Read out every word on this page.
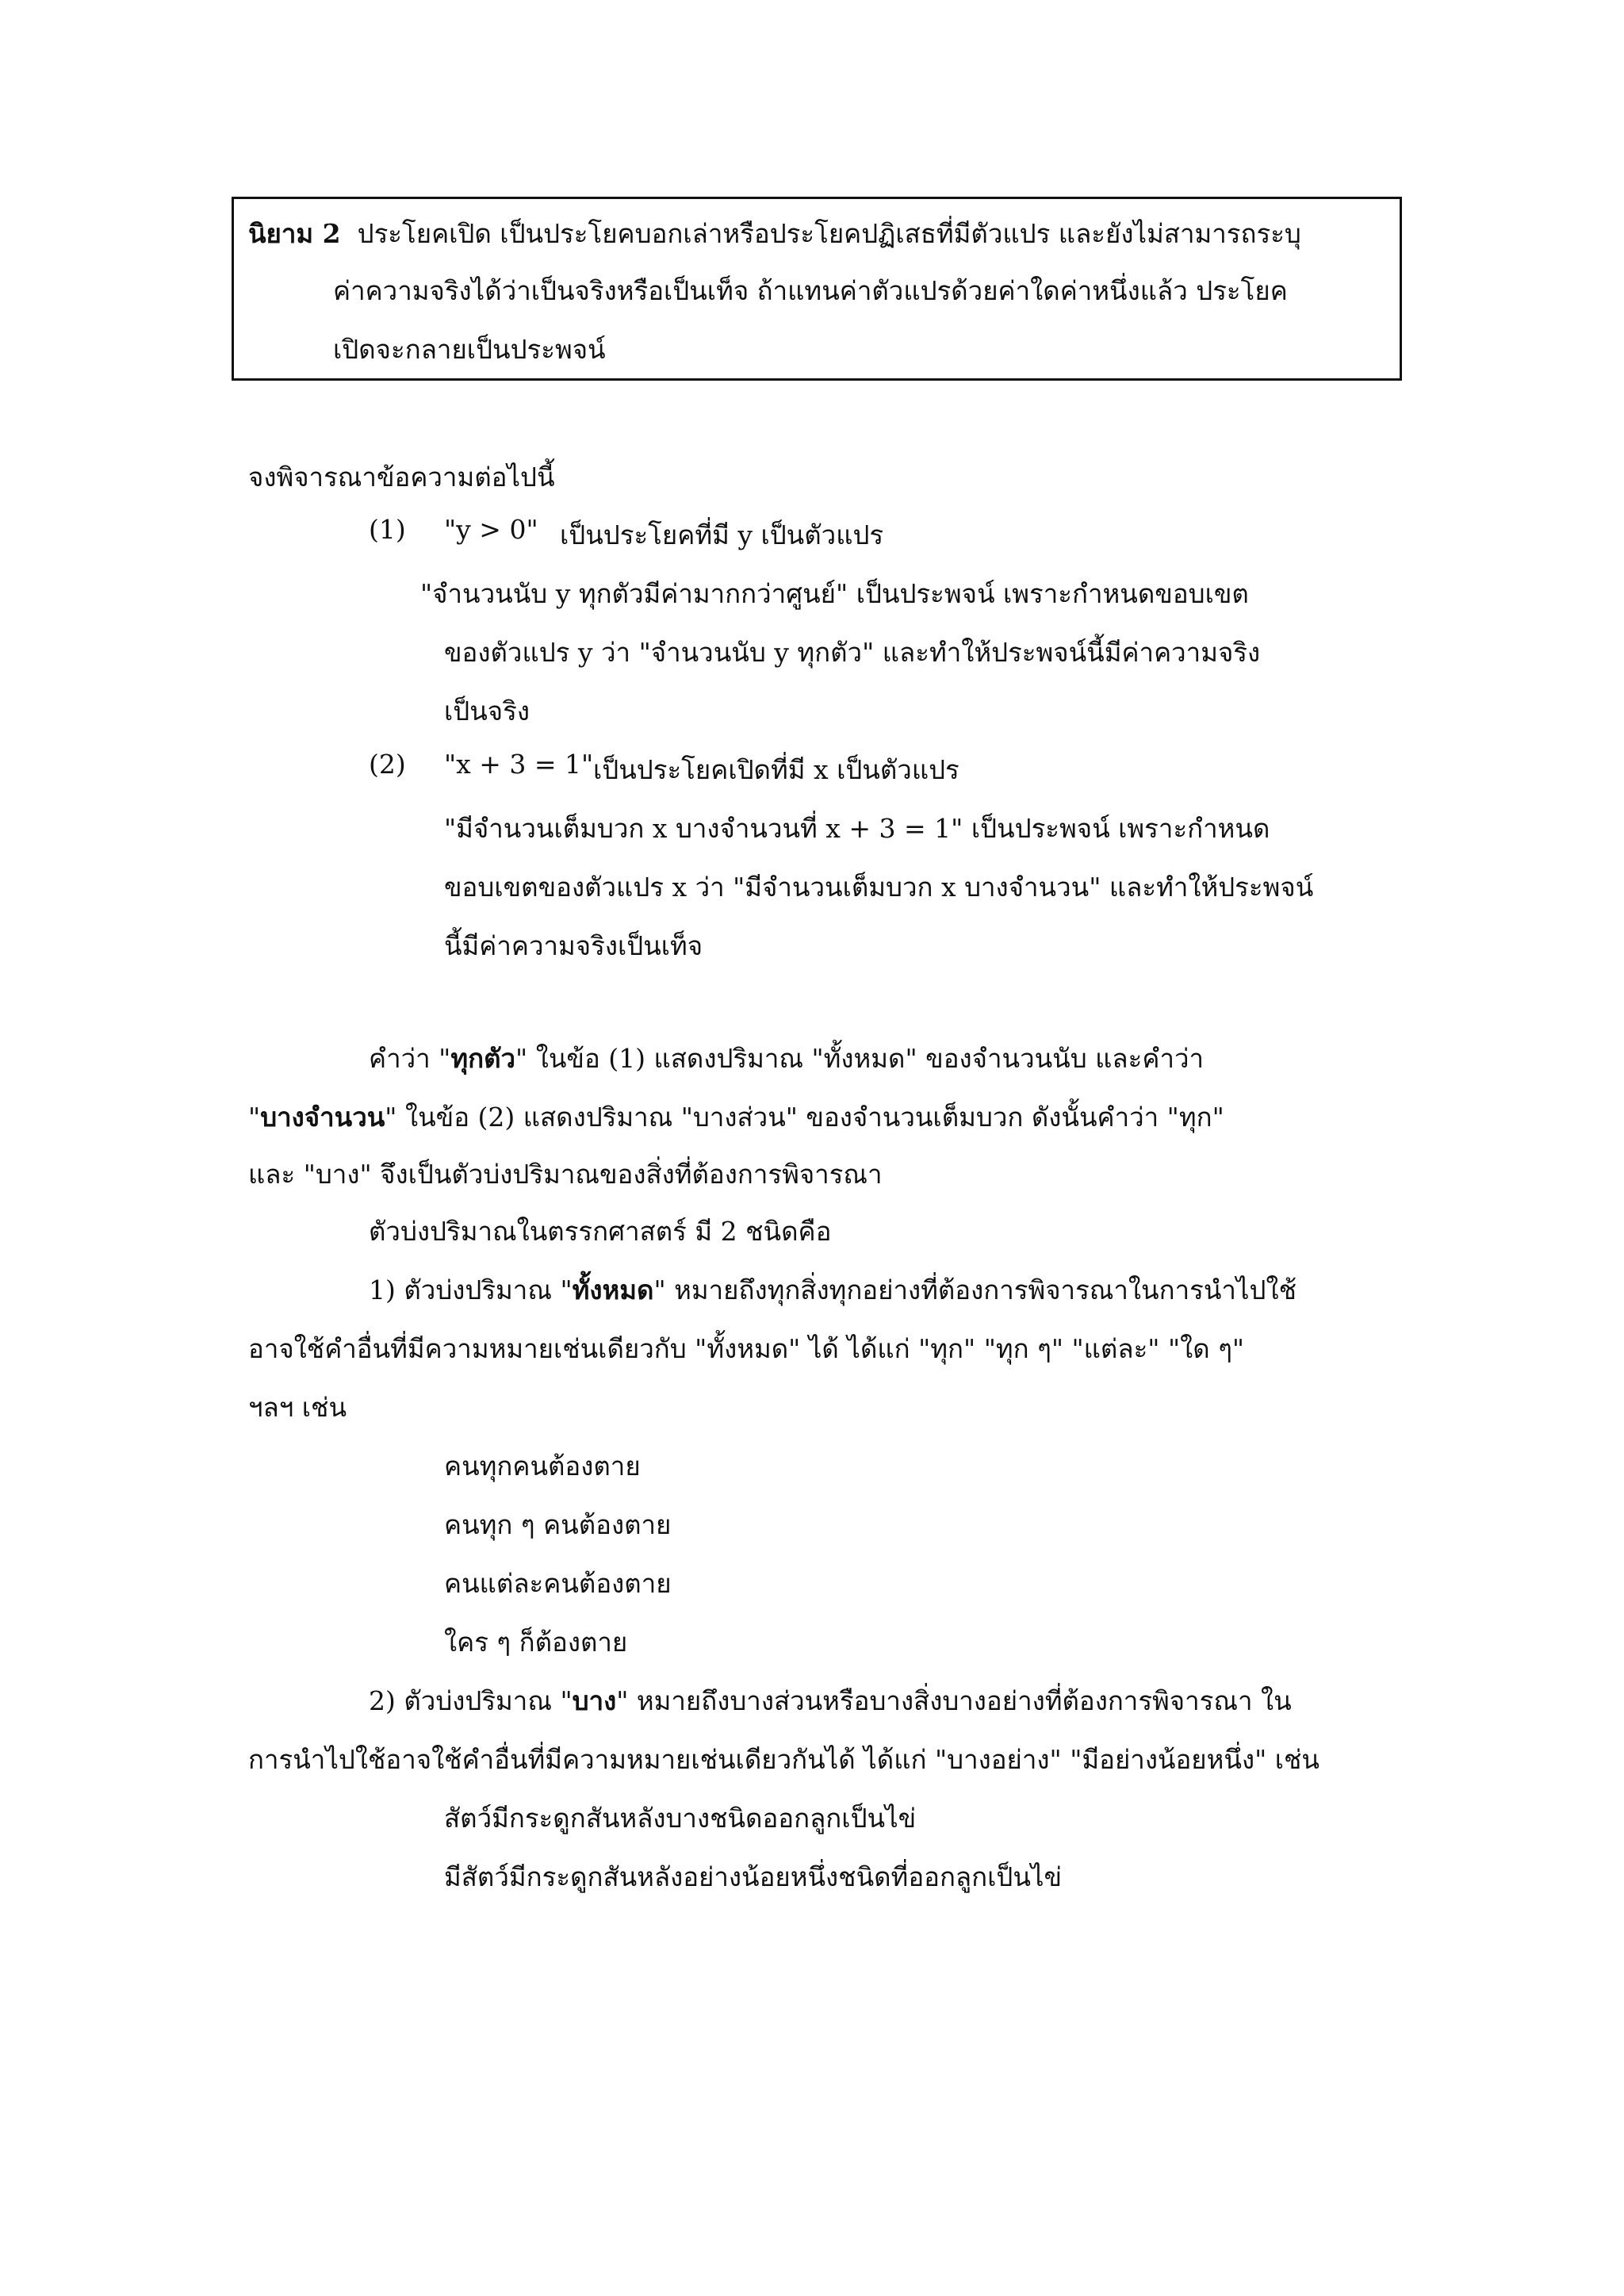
นิยาม 2 ประโยคเปิด เป็นประโยคบอกเล่าหรือประโยคปฏิเสธที่มีตัวแปร และยังไม่สามารถระบุ
ค่าความจริงได้ว่าเป็นจริงหรือเป็นเท็จ ถ้าแทนค่าตัวแปรด้วยค่าใดค่าหนึ่งแล้ว ประโยค
เปิดจะกลายเป็นประพจน์
จงพิจารณาข้อความต่อไปนี้
(1) "y > 0" เป็นประโยคที่มี y เป็นตัวแปร
"จำนวนนับ y ทุกตัวมีค่ามากกว่าศูนย์" เป็นประพจน์ เพราะกำหนดขอบเขต
ของตัวแปร y ว่า "จำนวนนับ y ทุกตัว" และทำให้ประพจน์นี้มีค่าความจริง
เป็นจริง
(2) "x + 3 = 1" เป็นประโยคเปิดที่มี x เป็นตัวแปร
"มีจำนวนเต็มบวก x บางจำนวนที่ x + 3 = 1" เป็นประพจน์ เพราะกำหนด
ขอบเขตของตัวแปร x ว่า "มีจำนวนเต็มบวก x บางจำนวน" และทำให้ประพจน์
นี้มีค่าความจริงเป็นเท็จ
คำว่า "ทุกตัว" ในข้อ (1) แสดงปริมาณ "ทั้งหมด" ของจำนวนนับ และคำว่า
"บางจำนวน" ในข้อ (2) แสดงปริมาณ "บางส่วน" ของจำนวนเต็มบวก ดังนั้นคำว่า "ทุก"
และ "บาง" จึงเป็นตัวบ่งปริมาณของสิ่งที่ต้องการพิจารณา
ตัวบ่งปริมาณในตรรกศาสตร์ มี 2 ชนิดคือ
1) ตัวบ่งปริมาณ "ทั้งหมด" หมายถึงทุกสิ่งทุกอย่างที่ต้องการพิจารณาในการนำไปใช้
อาจใช้คำอื่นที่มีความหมายเช่นเดียวกับ "ทั้งหมด" ได้ ได้แก่ "ทุก" "ทุก ๆ" "แต่ละ" "ใด ๆ"
ฯลฯ เช่น
คนทุกคนต้องตาย
คนทุก ๆ คนต้องตาย
คนแต่ละคนต้องตาย
ใคร ๆ ก็ต้องตาย
2) ตัวบ่งปริมาณ "บาง" หมายถึงบางส่วนหรือบางสิ่งบางอย่างที่ต้องการพิจารณา ใน
การนำไปใช้อาจใช้คำอื่นที่มีความหมายเช่นเดียวกันได้ ได้แก่ "บางอย่าง" "มีอย่างน้อยหนึ่ง" เช่น
สัตว์มีกระดูกสันหลังบางชนิดออกลูกเป็นไข่
มีสัตว์มีกระดูกสันหลังอย่างน้อยหนึ่งชนิดที่ออกลูกเป็นไข่
